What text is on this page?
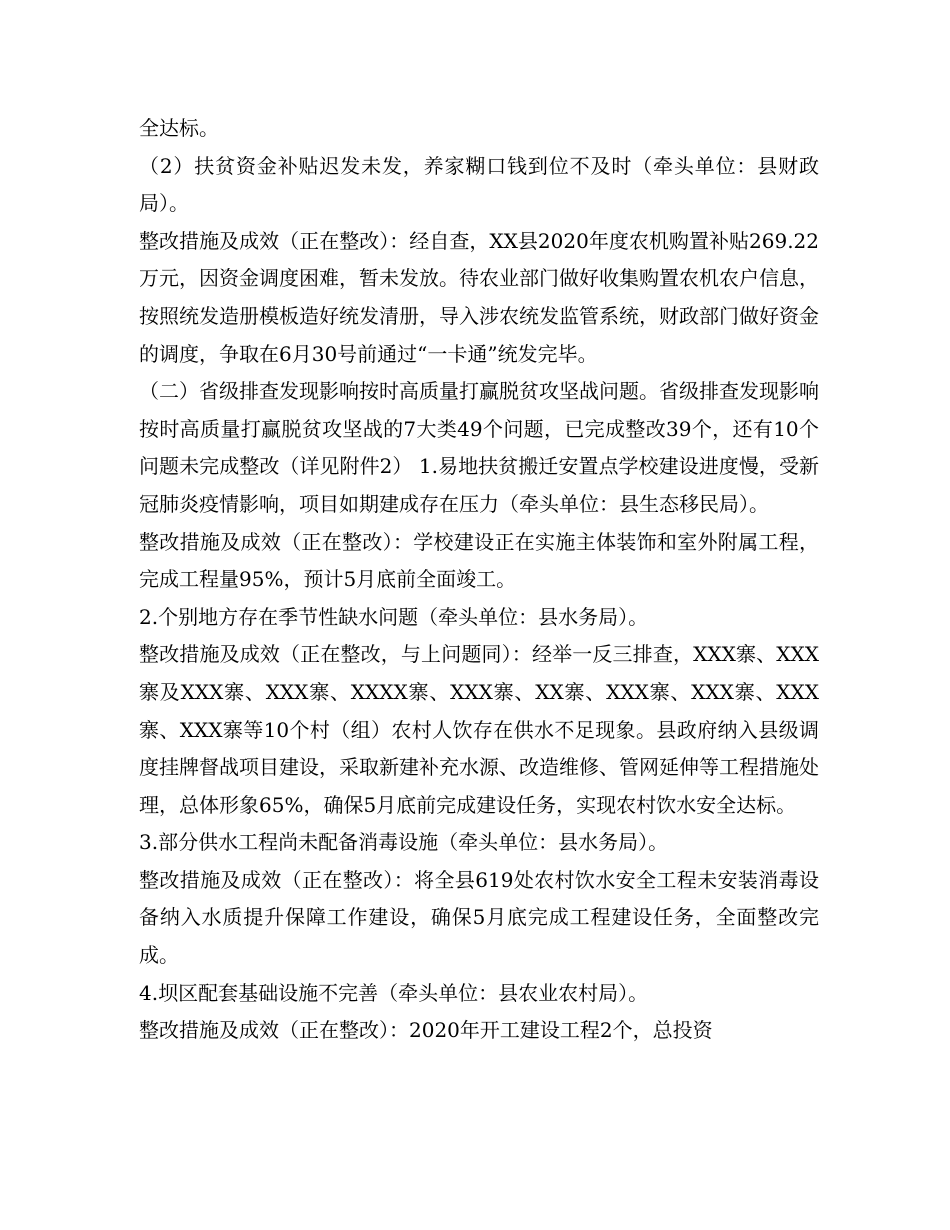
全达标。

（2）扶贫资金补贴迟发未发，养家糊口钱到位不及时（牵头单位：县财政局）。

整改措施及成效（正在整改）：经自查，XX县2020年度农机购置补贴269.22万元，因资金调度困难，暂未发放。待农业部门做好收集购置农机农户信息，按照统发造册模板造好统发清册，导入涉农统发监管系统，财政部门做好资金的调度，争取在6月30号前通过“一卡通”统发完毕。

（二）省级排查发现影响按时高质量打赢脱贫攻坚战问题。省级排查发现影响按时高质量打赢脱贫攻坚战的7大类49个问题，已完成整改39个，还有10个问题未完成整改（详见附件2） 1.易地扶贫搬迁安置点学校建设进度慢，受新冠肺炎疫情影响，项目如期建成存在压力（牵头单位：县生态移民局）。

整改措施及成效（正在整改）：学校建设正在实施主体装饰和室外附属工程，完成工程量95%，预计5月底前全面竣工。

2.个别地方存在季节性缺水问题（牵头单位：县水务局）。

整改措施及成效（正在整改，与上问题同）：经举一反三排查，XXX寨、XXX寨及XXX寨、XXX寨、XXXX寨、XXX寨、XX寨、XXX寨、XXX寨、XXX寨、XXX寨等10个村（组）农村人饮存在供水不足现象。县政府纳入县级调度挂牌督战项目建设，采取新建补充水源、改造维修、管网延伸等工程措施处理，总体形象65%，确保5月底前完成建设任务，实现农村饮水安全达标。

3.部分供水工程尚未配备消毒设施（牵头单位：县水务局）。

整改措施及成效（正在整改）：将全县619处农村饮水安全工程未安装消毒设备纳入水质提升保障工作建设，确保5月底完成工程建设任务，全面整改完成。

4.坝区配套基础设施不完善（牵头单位：县农业农村局）。

整改措施及成效（正在整改）：2020年开工建设工程2个，总投资
